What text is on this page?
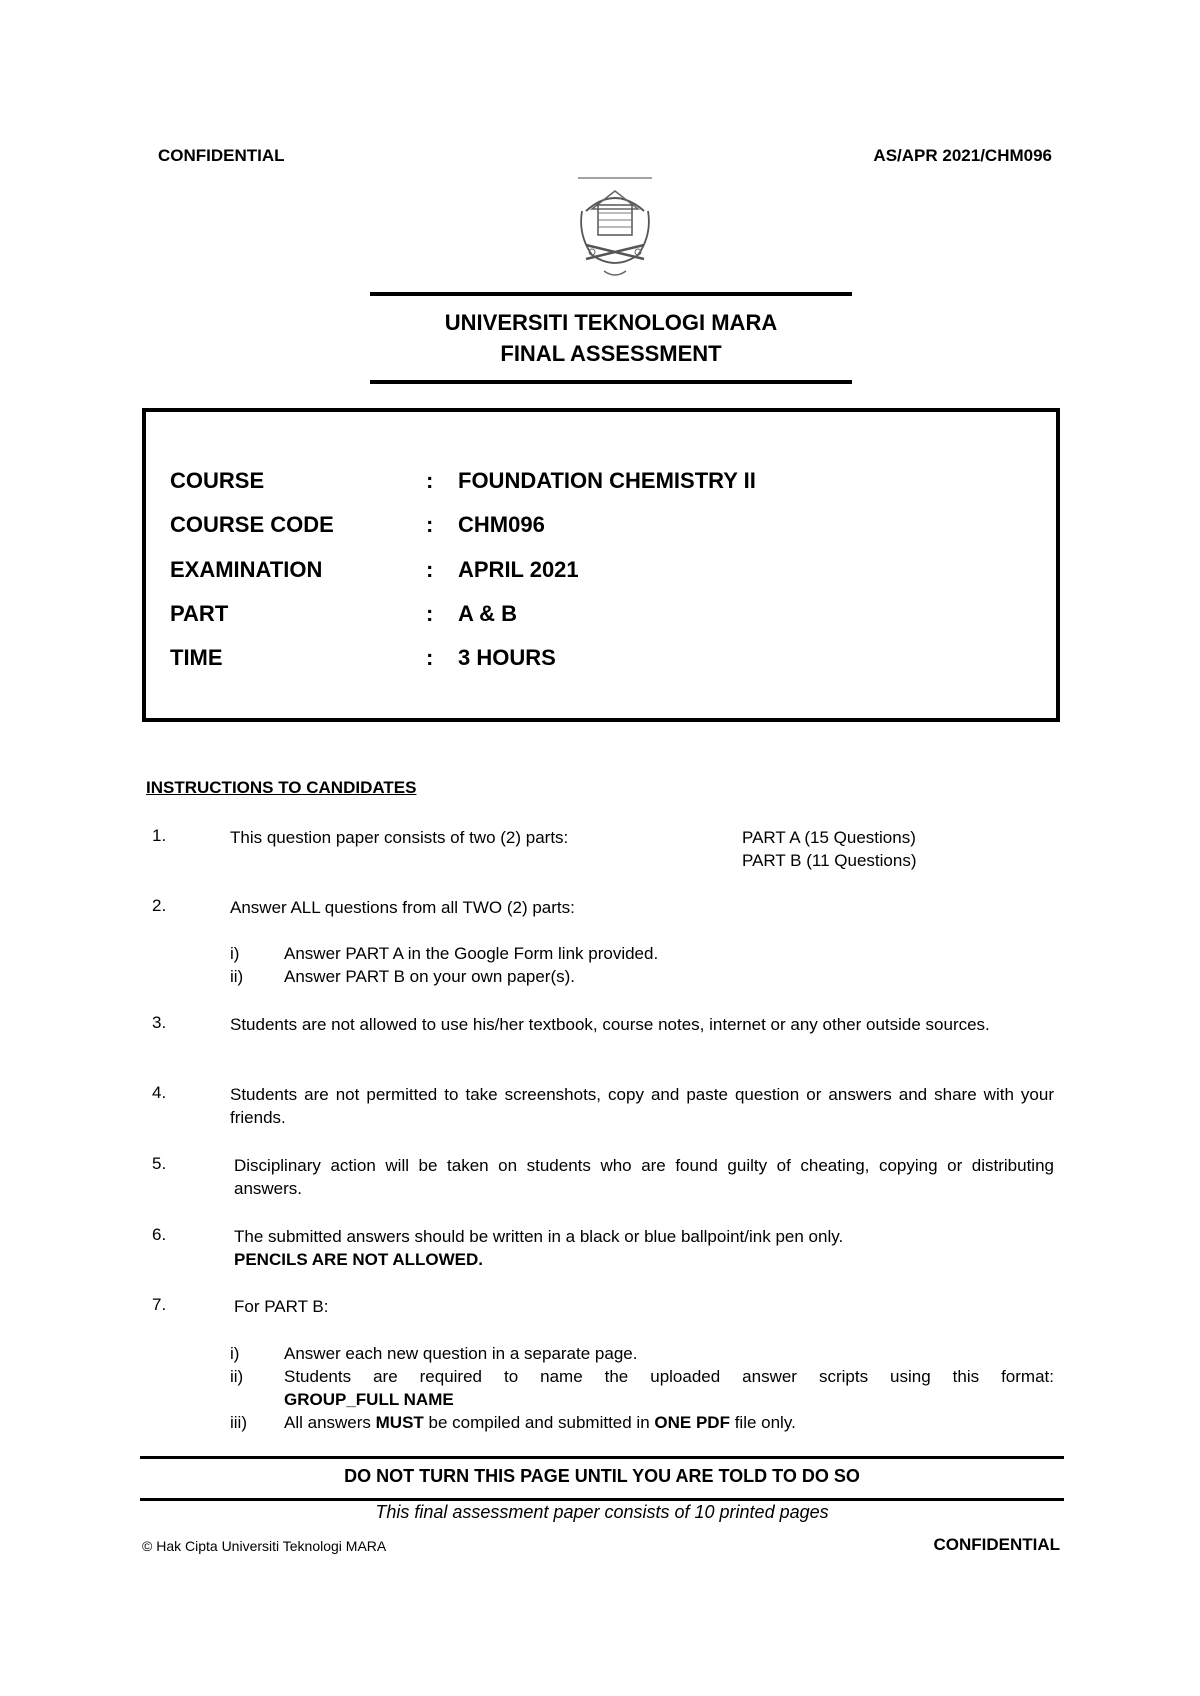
CONFIDENTIAL	AS/APR 2021/CHM096
UNIVERSITI TEKNOLOGI MARA
FINAL ASSESSMENT
COURSE	: FOUNDATION CHEMISTRY II
COURSE CODE	: CHM096
EXAMINATION	: APRIL 2021
PART	: A & B
TIME	: 3 HOURS
INSTRUCTIONS TO CANDIDATES
1.	This question paper consists of two (2) parts:	PART A (15 Questions)
PART B (11 Questions)
2.	Answer ALL questions from all TWO (2) parts:
i)	Answer PART A in the Google Form link provided.
ii) Answer PART B on your own paper(s).
3.	Students are not allowed to use his/her textbook, course notes, internet or any other outside sources.
4.	Students are not permitted to take screenshots, copy and paste question or answers and share with your friends.
5.	Disciplinary action will be taken on students who are found guilty of cheating, copying or distributing answers.
6.	The submitted answers should be written in a black or blue ballpoint/ink pen only.
PENCILS ARE NOT ALLOWED.
7.	For PART B:
i)	Answer each new question in a separate page.
ii) Students are required to name the uploaded answer scripts using this format:
GROUP_FULL NAME
iii) All answers MUST be compiled and submitted in ONE PDF file only.
DO NOT TURN THIS PAGE UNTIL YOU ARE TOLD TO DO SO
This final assessment paper consists of 10 printed pages
© Hak Cipta Universiti Teknologi MARA	CONFIDENTIAL
